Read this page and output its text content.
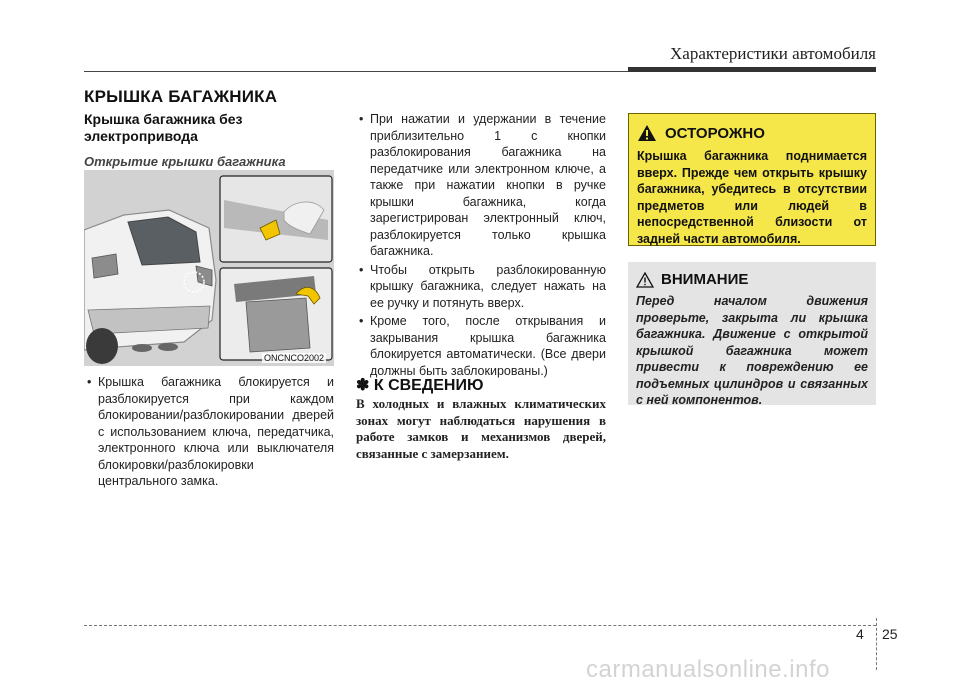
Характеристики автомобиля
КРЫШКА БАГАЖНИКА
Крышка багажника без электропривода
Открытие крышки багажника
ONCNCO2002
• Крышка багажника блокируется и разблокируется при каждом блокировании/разблокировании дверей с использованием ключа, передатчика, электронного ключа или выключателя блокировки/разблокировки центрального замка.
• При нажатии и удержании в течение приблизительно 1 с кнопки разблокирования багажника на передатчике или электронном ключе, а также при нажатии кнопки в ручке крышки багажника, когда зарегистрирован электронный ключ, разблокируется только крышка багажника.
• Чтобы открыть разблокированную крышку багажника, следует нажать на ее ручку и потянуть вверх.
• Кроме того, после открывания и закрывания крышка багажника блокируется автоматически. (Все двери должны быть заблокированы.)
✽ К СВЕДЕНИЮ
В холодных и влажных климатических зонах могут наблюдаться нарушения в работе замков и механизмов дверей, связанные с замерзанием.
ОСТОРОЖНО
Крышка багажника поднимается вверх. Прежде чем открыть крышку багажника, убедитесь в отсутствии предметов или людей в непосредственной близости от задней части автомобиля.
ВНИМАНИЕ
Перед началом движения проверьте, закрыта ли крышка багажника. Движение с открытой крышкой багажника может привести к повреждению ее подъемных цилиндров и связанных с ней компонентов.
4 25
carmanualsonline.info
